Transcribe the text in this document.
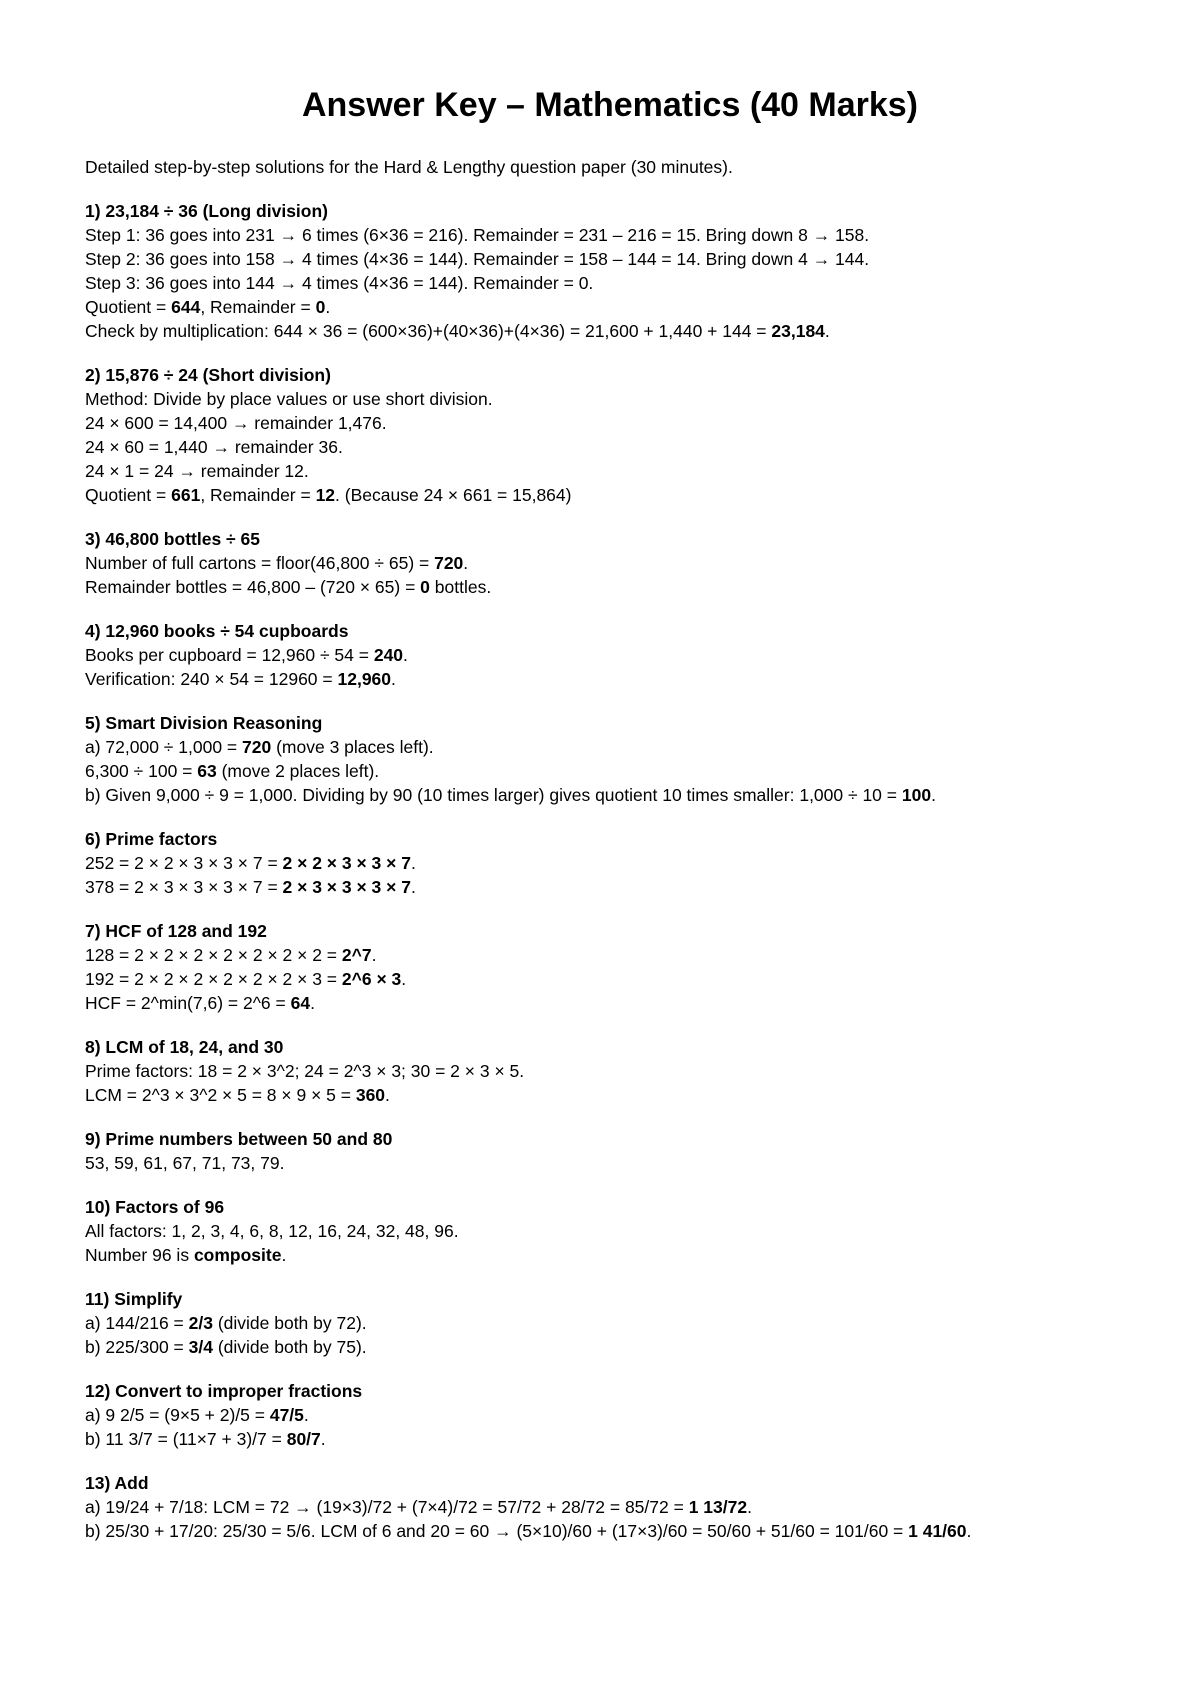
Answer Key – Mathematics (40 Marks)
Detailed step-by-step solutions for the Hard & Lengthy question paper (30 minutes).
1) 23,184 ÷ 36 (Long division)
Step 1: 36 goes into 231 → 6 times (6×36 = 216). Remainder = 231 – 216 = 15. Bring down 8 → 158.
Step 2: 36 goes into 158 → 4 times (4×36 = 144). Remainder = 158 – 144 = 14. Bring down 4 → 144.
Step 3: 36 goes into 144 → 4 times (4×36 = 144). Remainder = 0.
Quotient = 644, Remainder = 0.
Check by multiplication: 644 × 36 = (600×36)+(40×36)+(4×36) = 21,600 + 1,440 + 144 = 23,184.
2) 15,876 ÷ 24 (Short division)
Method: Divide by place values or use short division.
24 × 600 = 14,400 → remainder 1,476.
24 × 60 = 1,440 → remainder 36.
24 × 1 = 24 → remainder 12.
Quotient = 661, Remainder = 12. (Because 24 × 661 = 15,864)
3) 46,800 bottles ÷ 65
Number of full cartons = floor(46,800 ÷ 65) = 720.
Remainder bottles = 46,800 – (720 × 65) = 0 bottles.
4) 12,960 books ÷ 54 cupboards
Books per cupboard = 12,960 ÷ 54 = 240.
Verification: 240 × 54 = 12960 = 12,960.
5) Smart Division Reasoning
a) 72,000 ÷ 1,000 = 720 (move 3 places left).
6,300 ÷ 100 = 63 (move 2 places left).
b) Given 9,000 ÷ 9 = 1,000. Dividing by 90 (10 times larger) gives quotient 10 times smaller: 1,000 ÷ 10 = 100.
6) Prime factors
252 = 2 × 2 × 3 × 3 × 7 = 2 × 2 × 3 × 3 × 7.
378 = 2 × 3 × 3 × 3 × 7 = 2 × 3 × 3 × 3 × 7.
7) HCF of 128 and 192
128 = 2 × 2 × 2 × 2 × 2 × 2 × 2 = 2^7.
192 = 2 × 2 × 2 × 2 × 2 × 2 × 3 = 2^6 × 3.
HCF = 2^min(7,6) = 2^6 = 64.
8) LCM of 18, 24, and 30
Prime factors: 18 = 2 × 3^2; 24 = 2^3 × 3; 30 = 2 × 3 × 5.
LCM = 2^3 × 3^2 × 5 = 8 × 9 × 5 = 360.
9) Prime numbers between 50 and 80
53, 59, 61, 67, 71, 73, 79.
10) Factors of 96
All factors: 1, 2, 3, 4, 6, 8, 12, 16, 24, 32, 48, 96.
Number 96 is composite.
11) Simplify
a) 144/216 = 2/3 (divide both by 72).
b) 225/300 = 3/4 (divide both by 75).
12) Convert to improper fractions
a) 9 2/5 = (9×5 + 2)/5 = 47/5.
b) 11 3/7 = (11×7 + 3)/7 = 80/7.
13) Add
a) 19/24 + 7/18: LCM = 72 → (19×3)/72 + (7×4)/72 = 57/72 + 28/72 = 85/72 = 1 13/72.
b) 25/30 + 17/20: 25/30 = 5/6. LCM of 6 and 20 = 60 → (5×10)/60 + (17×3)/60 = 50/60 + 51/60 = 101/60 = 1 41/60.
